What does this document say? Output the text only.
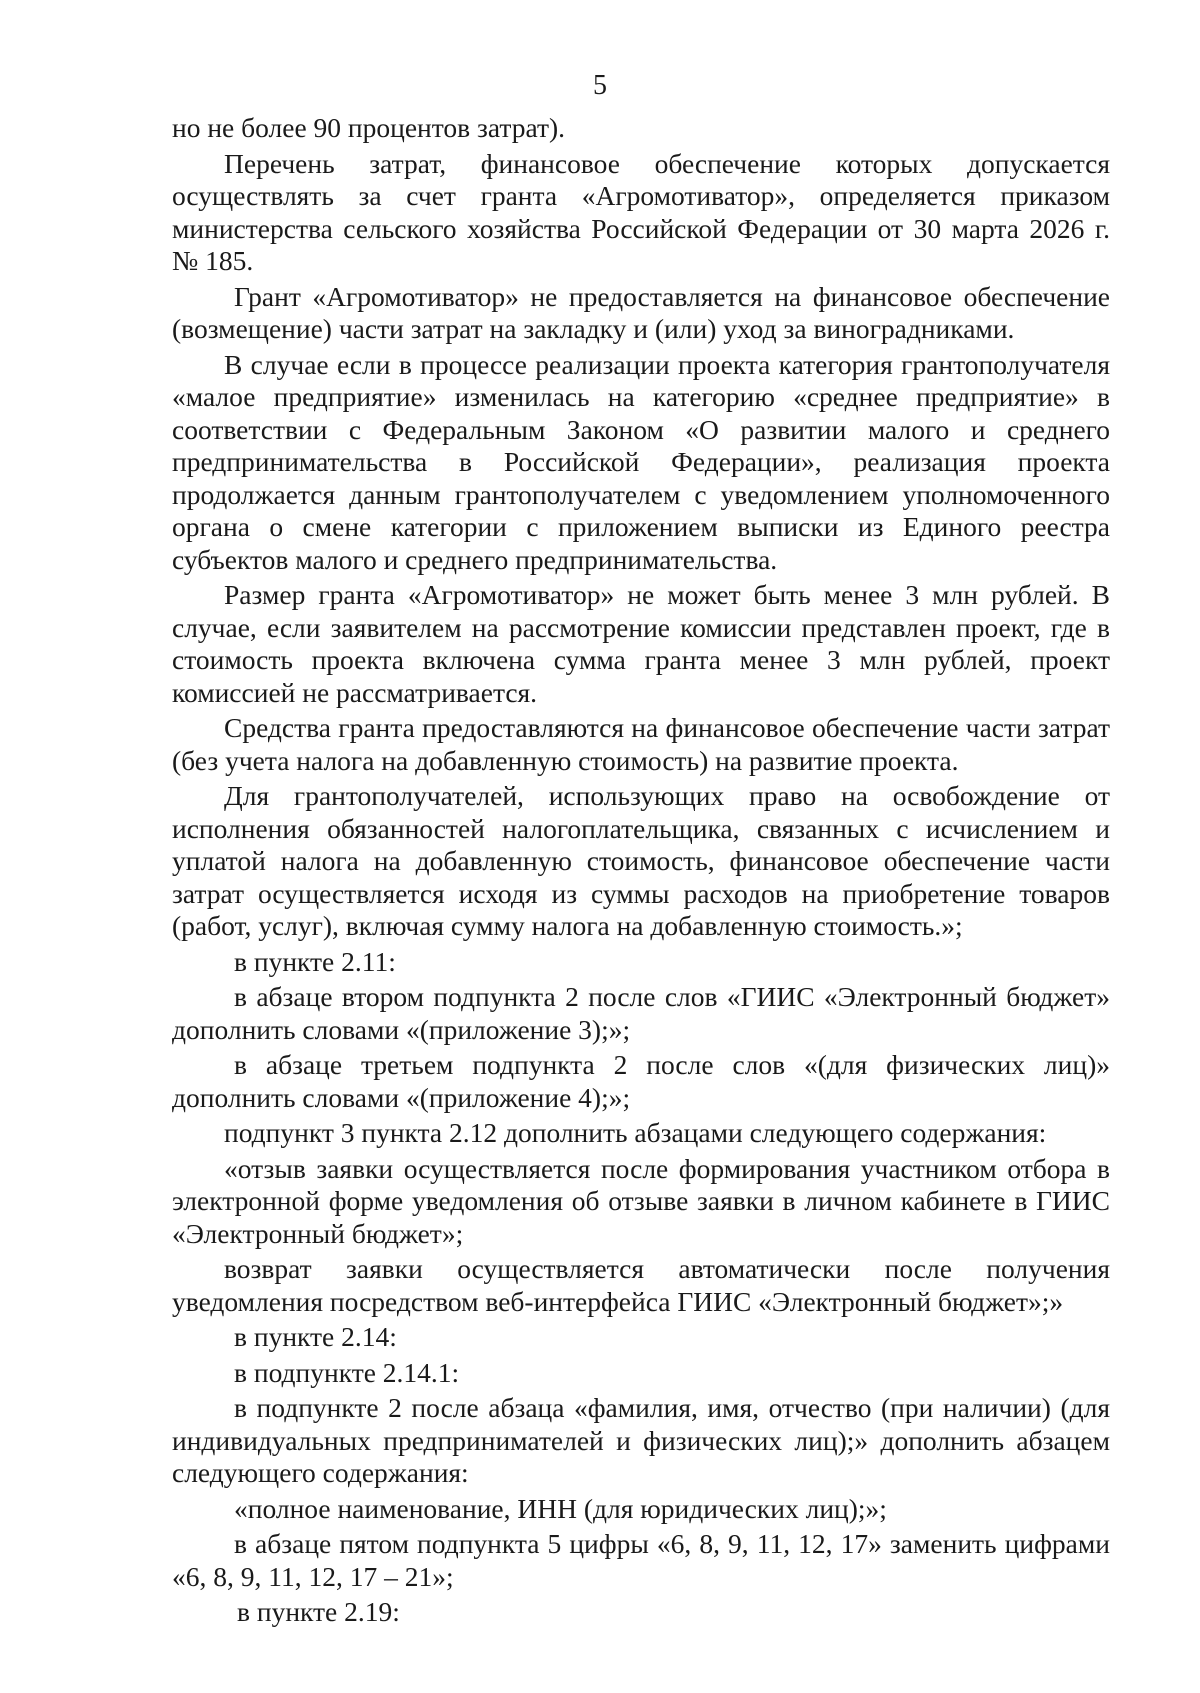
5

но не более 90 процентов затрат).

Перечень затрат, финансовое обеспечение которых допускается осуществлять за счет гранта «Агромотиватор», определяется приказом министерства сельского хозяйства Российской Федерации от 30 марта 2026 г. № 185.

Грант «Агромотиватор» не предоставляется на финансовое обеспечение (возмещение) части затрат на закладку и (или) уход за виноградниками.

В случае если в процессе реализации проекта категория грантополучателя «малое предприятие» изменилась на категорию «среднее предприятие» в соответствии с Федеральным Законом «О развитии малого и среднего предпринимательства в Российской Федерации», реализация проекта продолжается данным грантополучателем с уведомлением уполномоченного органа о смене категории с приложением выписки из Единого реестра субъектов малого и среднего предпринимательства.

Размер гранта «Агромотиватор» не может быть менее 3 млн рублей. В случае, если заявителем на рассмотрение комиссии представлен проект, где в стоимость проекта включена сумма гранта менее 3 млн рублей, проект комиссией не рассматривается.

Средства гранта предоставляются на финансовое обеспечение части затрат (без учета налога на добавленную стоимость) на развитие проекта.

Для грантополучателей, использующих право на освобождение от исполнения обязанностей налогоплательщика, связанных с исчислением и уплатой налога на добавленную стоимость, финансовое обеспечение части затрат осуществляется исходя из суммы расходов на приобретение товаров (работ, услуг), включая сумму налога на добавленную стоимость.»;

в пункте 2.11:

в абзаце втором подпункта 2 после слов «ГИИС «Электронный бюджет» дополнить словами «(приложение 3);»;

в абзаце третьем подпункта 2 после слов «(для физических лиц)» дополнить словами «(приложение 4);»;

подпункт 3 пункта 2.12 дополнить абзацами следующего содержания:

«отзыв заявки осуществляется после формирования участником отбора в электронной форме уведомления об отзыве заявки в личном кабинете в ГИИС «Электронный бюджет»;

возврат заявки осуществляется автоматически после получения уведомления посредством веб-интерфейса ГИИС «Электронный бюджет»;»

в пункте 2.14:

в подпункте 2.14.1:

в подпункте 2 после абзаца «фамилия, имя, отчество (при наличии) (для индивидуальных предпринимателей и физических лиц);» дополнить абзацем следующего содержания:

«полное наименование, ИНН (для юридических лиц);»;

в абзаце пятом подпункта 5 цифры «6, 8, 9, 11, 12, 17» заменить цифрами «6, 8, 9, 11, 12, 17 – 21»;

в пункте 2.19:
